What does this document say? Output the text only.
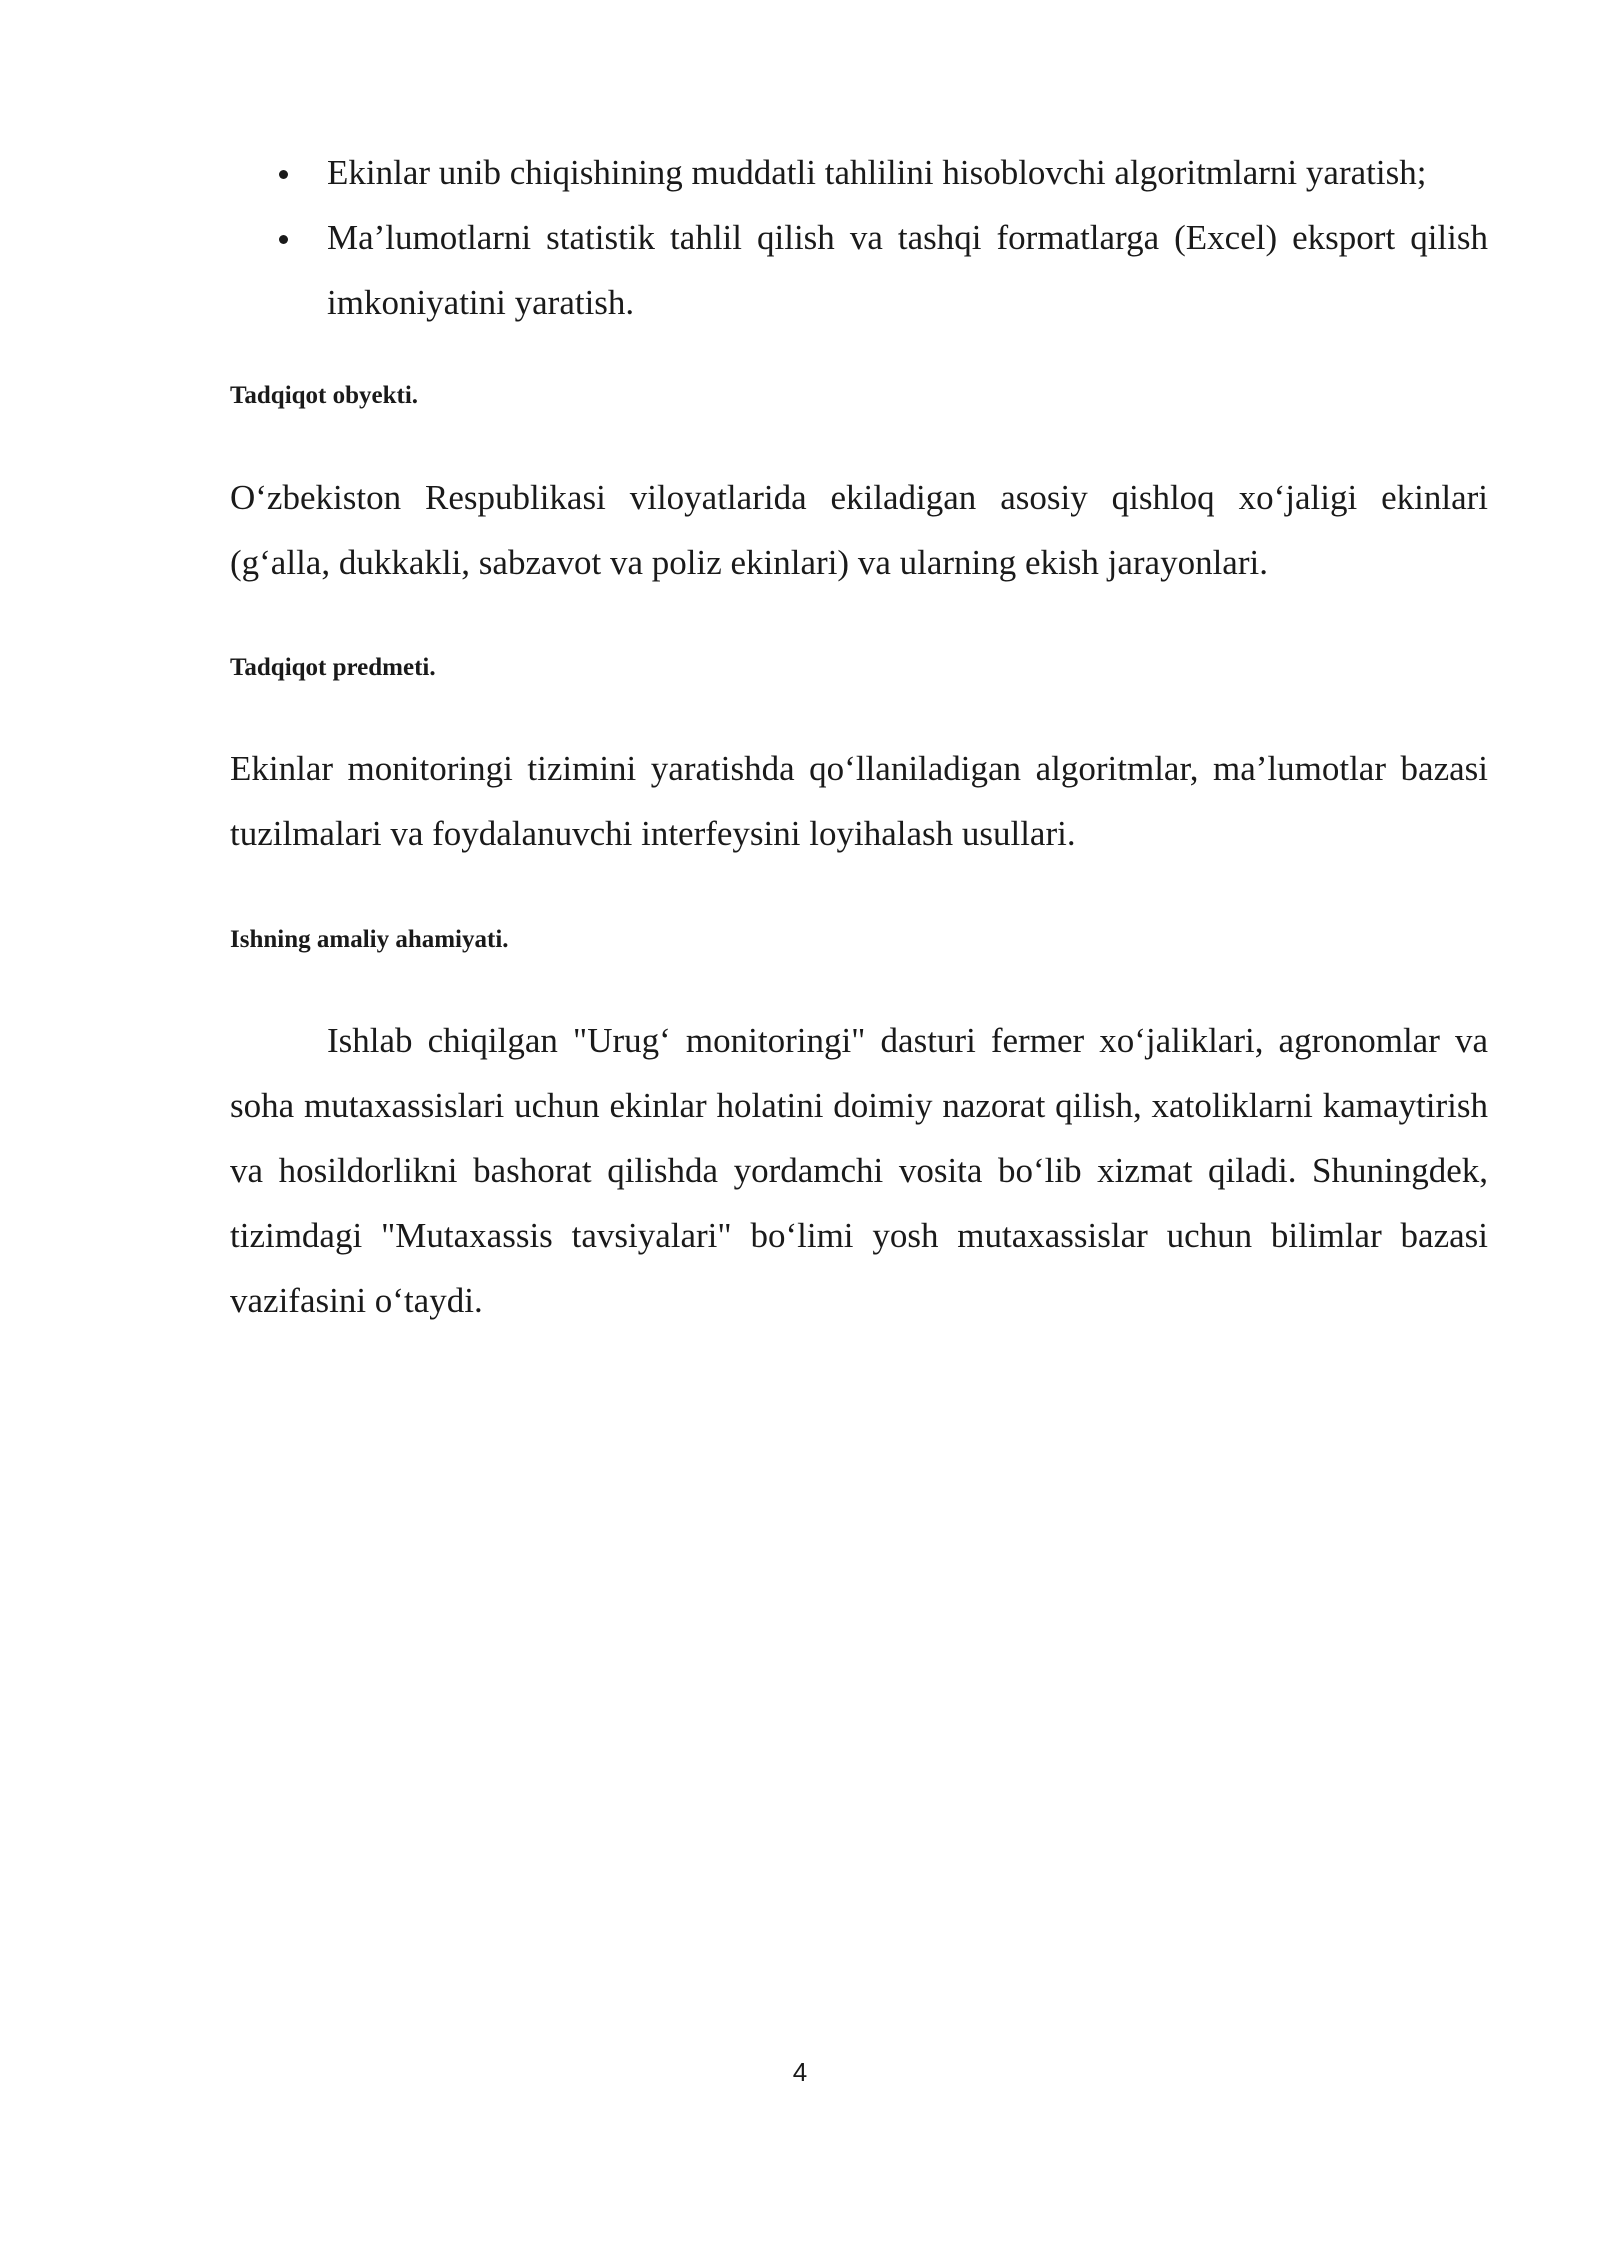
Ekinlar unib chiqishining muddatli tahlilini hisoblovchi algoritmlarni yaratish;
Ma’lumotlarni statistik tahlil qilish va tashqi formatlarga (Excel) eksport qilish imkoniyatini yaratish.
Tadqiqot obyekti.

O‘zbekiston Respublikasi viloyatlarida ekiladigan asosiy qishloq xo‘jaligi ekinlari (g‘alla, dukkakli, sabzavot va poliz ekinlari) va ularning ekish jarayonlari.

Tadqiqot predmeti.

Ekinlar monitoringi tizimini yaratishda qo‘llaniladigan algoritmlar, ma’lumotlar bazasi tuzilmalari va foydalanuvchi interfeysini loyihalash usullari.

Ishning amaliy ahamiyati.

Ishlab chiqilgan "Urug‘ monitoringi" dasturi fermer xo‘jaliklari, agronomlar va soha mutaxassislari uchun ekinlar holatini doimiy nazorat qilish, xatoliklarni kamaytirish va hosildorlikni bashorat qilishda yordamchi vosita bo‘lib xizmat qiladi. Shuningdek, tizimdagi "Mutaxassis tavsiyalari" bo‘limi yosh mutaxassislar uchun bilimlar bazasi vazifasini o‘taydi.

4
